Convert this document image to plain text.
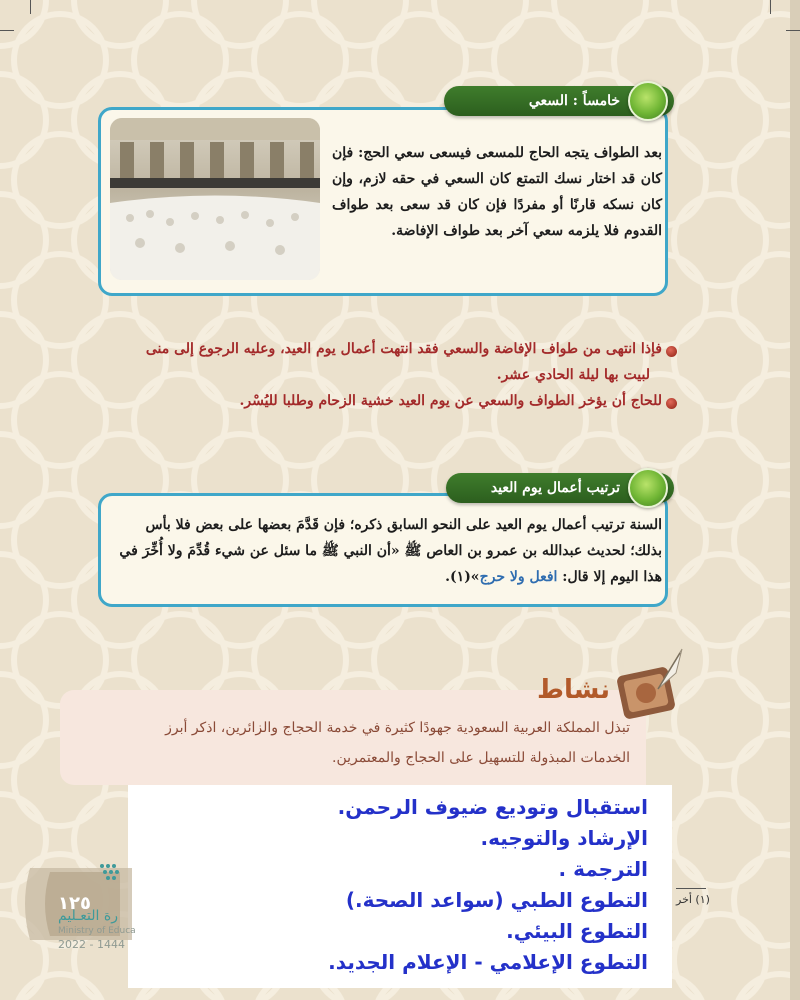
بعد الطواف يتجه الحاج للمسعى فيسعى سعي الحج: فإن كان قد اختار نسك التمتع كان السعي في حقه لازم، وإن كان نسكه قارنًا أو مفردًا فإن كان قد سعى بعد طواف القدوم فلا يلزمه سعي آخر بعد طواف الإفاضة.
خامساً : السعي
فإذا انتهى من طواف الإفاضة والسعي فقد انتهت أعمال يوم العيد، وعليه الرجوع إلى منى
لبيت بها ليلة الحادي عشر.
للحاج أن يؤخر الطواف والسعي عن يوم العيد خشية الزحام وطلبا لليُسْر.
السنة ترتيب أعمال يوم العيد على النحو السابق ذكره؛ فإن قَدَّمَ بعضها على بعض فلا بأس
بذلك؛ لحديث عبدالله بن عمرو بن العاص ﷺ «أن النبي ﷺ ما سئل عن شيء قُدِّمَ ولا أُخِّرَ في
هذا اليوم إلا قال: افعل ولا حرج»(١).
ترتيب أعمال يوم العيد
نشاط
تبذل المملكة العربية السعودية جهودًا كثيرة في خدمة الحجاج والزائرين، اذكر أبرز
الخدمات المبذولة للتسهيل على الحجاج والمعتمرين.
استقبال وتوديع ضيوف الرحمن.
الإرشاد والتوجيه.
الترجمة .
التطوع الطبي (سواعد الصحة.)
التطوع البيئي.
التطوع الإعلامي - الإعلام الجديد.
١٢٥
رة التعـليم
Ministry of Educa
2022 - 1444
(١) أخر
